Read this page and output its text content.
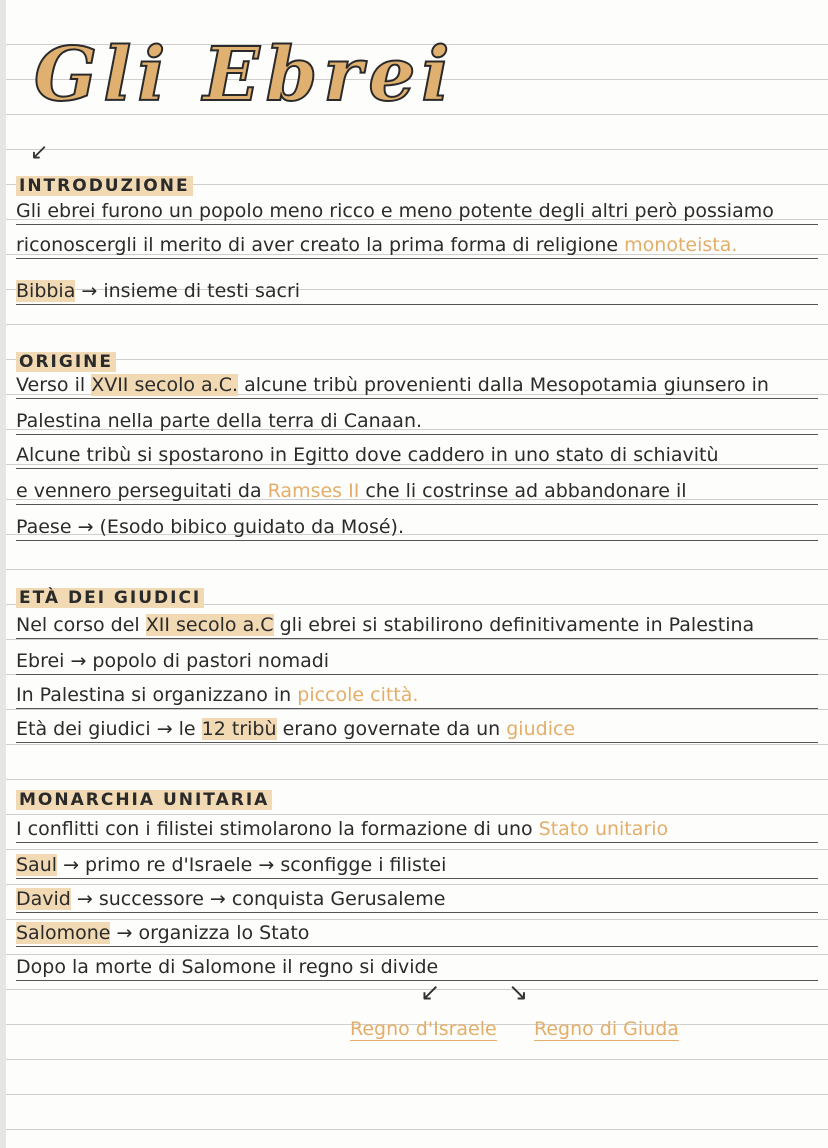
Gli Ebrei
↙
INTRODUZIONE
Gli ebrei furono un popolo meno ricco e meno potente degli altri però possiamo
riconoscergli il merito di aver creato la prima forma di religione monoteista.
Bibbia → insieme di testi sacri
ORIGINE
Verso il XVII secolo a.C. alcune tribù provenienti dalla Mesopotamia giunsero in
Palestina nella parte della terra di Canaan.
Alcune tribù si spostarono in Egitto dove caddero in uno stato di schiavitù
e vennero perseguitati da Ramses II che li costrinse ad abbandonare il
Paese → (Esodo bibico guidato da Mosé).
ETÀ DEI GIUDICI
Nel corso del XII secolo a.C gli ebrei si stabilirono definitivamente in Palestina
Ebrei → popolo di pastori nomadi
In Palestina si organizzano in piccole città.
Età dei giudici → le 12 tribù erano governate da un giudice
MONARCHIA UNITARIA
I conflitti con i filistei stimolarono la formazione di uno Stato unitario
Saul → primo re d'Israele → sconfigge i filistei
David → successore → conquista Gerusaleme
Salomone → organizza lo Stato
Dopo la morte di Salomone il regno si divide
↙	↘
Regno d'Israele Regno di Giuda
